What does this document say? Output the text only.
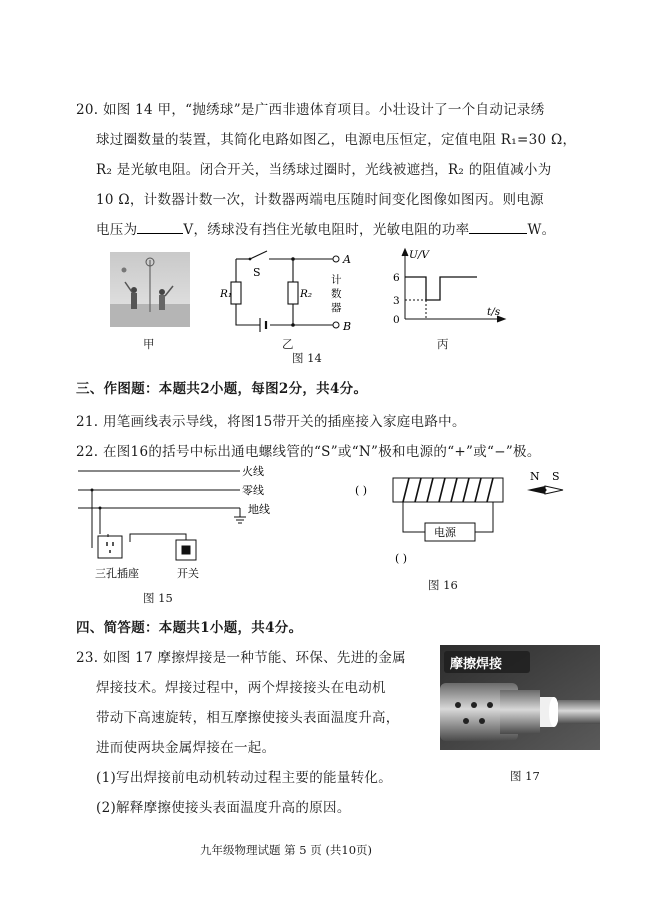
20. 如图 14 甲，“抛绣球”是广西非遗体育项目。小壮设计了一个自动记录绣
球过圈数量的装置，其简化电路如图乙，电源电压恒定，定值电阻 R₁=30 Ω，
R₂ 是光敏电阻。闭合开关，当绣球过圈时，光线被遮挡，R₂ 的阻值减小为
10 Ω，计数器计数一次，计数器两端电压随时间变化图像如图丙。则电源
电压为	V，绣球没有挡住光敏电阻时，光敏电阻的功率	W。
甲
S
A
B
R₁	R₂
计
数
器
乙
图 14
U/V
t/s
6
3
0
丙
三、作图题：本题共2小题，每图2分，共4分。
21. 用笔画线表示导线，将图15带开关的插座接入家庭电路中。
22. 在图16的括号中标出通电螺线管的“S”或“N”极和电源的“+”或“−”极。
火线
零线
地线
三孔插座	开关
图 15
电源
( )
( )
N S
图 16
四、简答题：本题共1小题，共4分。
23. 如图 17 摩擦焊接是一种节能、环保、先进的金属
焊接技术。焊接过程中，两个焊接接头在电动机
带动下高速旋转，相互摩擦使接头表面温度升高，
进而使两块金属焊接在一起。
(1)写出焊接前电动机转动过程主要的能量转化。
(2)解释摩擦使接头表面温度升高的原因。
摩擦焊接
图 17
九年级物理试题 第 5 页 (共10页)
